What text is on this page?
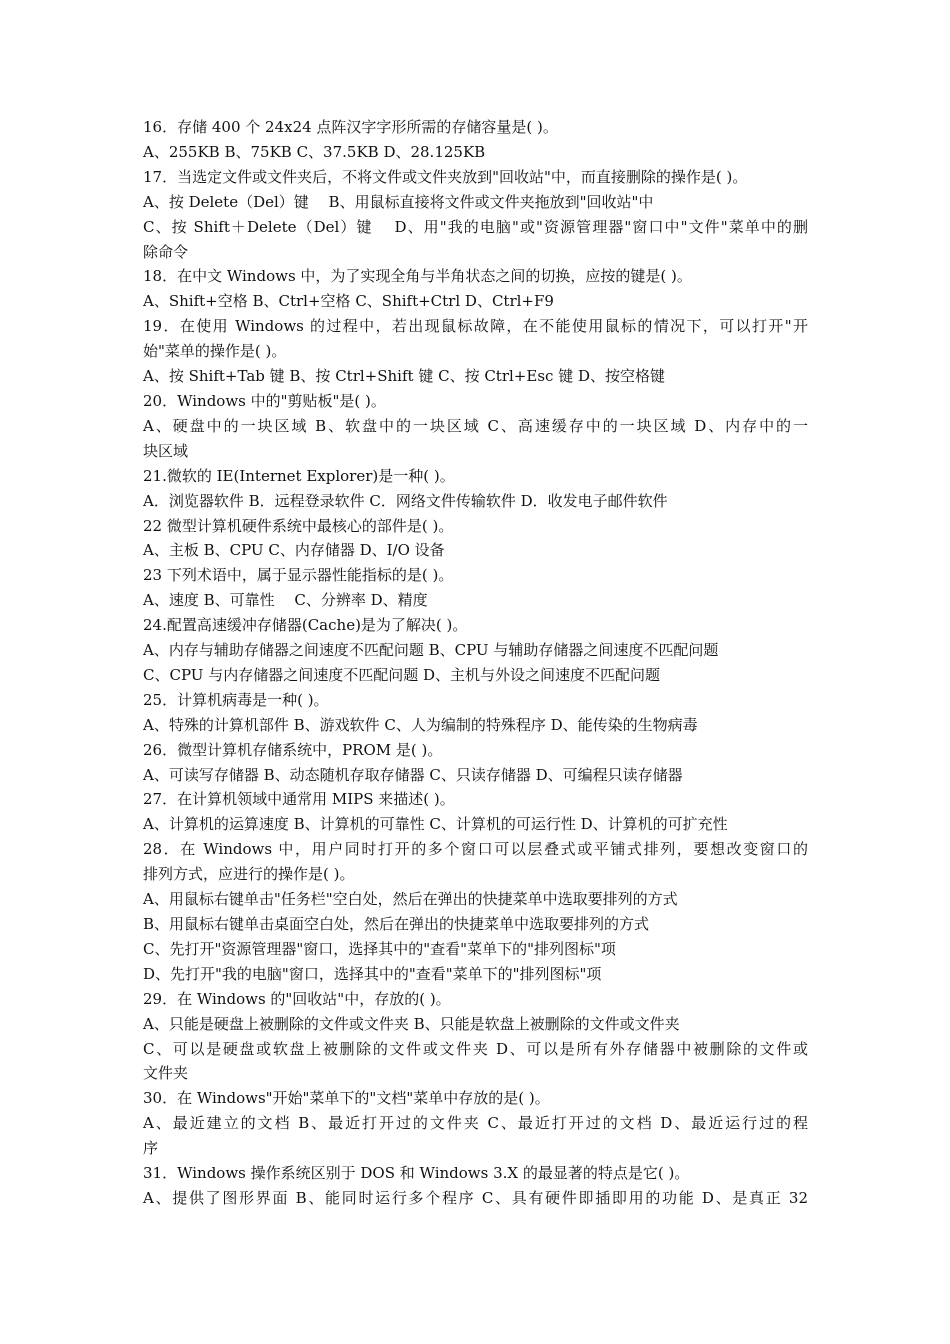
16．存储 400 个 24x24 点阵汉字字形所需的存储容量是( )。
A、255KB B、75KB C、37.5KB D、28.125KB
17．当选定文件或文件夹后，不将文件或文件夹放到"回收站"中，而直接删除的操作是( )。
A、按 Delete（Del）键　 B、用鼠标直接将文件或文件夹拖放到"回收站"中
C、按 Shift＋Delete（Del）键　 D、用"我的电脑"或"资源管理器"窗口中"文件"菜单中的删
除命令
18．在中文 Windows 中，为了实现全角与半角状态之间的切换，应按的键是( )。
A、Shift+空格 B、Ctrl+空格 C、Shift+Ctrl D、Ctrl+F9
19．在使用 Windows 的过程中，若出现鼠标故障，在不能使用鼠标的情况下，可以打开"开
始"菜单的操作是( )。
A、按 Shift+Tab 键 B、按 Ctrl+Shift 键 C、按 Ctrl+Esc 键 D、按空格键
20．Windows 中的"剪贴板"是( )。
A、硬盘中的一块区域 B、软盘中的一块区域 C、高速缓存中的一块区域 D、内存中的一
块区域
21.微软的 IE(Internet Explorer)是一种( )。
A．浏览器软件 B．远程登录软件 C．网络文件传输软件 D．收发电子邮件软件
22 微型计算机硬件系统中最核心的部件是( )。
A、主板 B、CPU C、内存储器 D、I/O 设备
23 下列术语中，属于显示器性能指标的是( )。
A、速度 B、可靠性　 C、分辨率 D、精度
24.配置高速缓冲存储器(Cache)是为了解决( )。
A、内存与辅助存储器之间速度不匹配问题 B、CPU 与辅助存储器之间速度不匹配问题
C、CPU 与内存储器之间速度不匹配问题 D、主机与外设之间速度不匹配问题
25．计算机病毒是一种( )。
A、特殊的计算机部件 B、游戏软件 C、人为编制的特殊程序 D、能传染的生物病毒
26．微型计算机存储系统中，PROM 是( )。
A、可读写存储器 B、动态随机存取存储器 C、只读存储器 D、可编程只读存储器
27．在计算机领域中通常用 MIPS 来描述( )。
A、计算机的运算速度 B、计算机的可靠性 C、计算机的可运行性 D、计算机的可扩充性
28．在 Windows 中，用户同时打开的多个窗口可以层叠式或平铺式排列，要想改变窗口的
排列方式，应进行的操作是( )。
A、用鼠标右键单击"任务栏"空白处，然后在弹出的快捷菜单中选取要排列的方式
B、用鼠标右键单击桌面空白处，然后在弹出的快捷菜单中选取要排列的方式
C、先打开"资源管理器"窗口，选择其中的"查看"菜单下的"排列图标"项
D、先打开"我的电脑"窗口，选择其中的"查看"菜单下的"排列图标"项
29．在 Windows 的"回收站"中，存放的( )。
A、只能是硬盘上被删除的文件或文件夹 B、只能是软盘上被删除的文件或文件夹
C、可以是硬盘或软盘上被删除的文件或文件夹 D、可以是所有外存储器中被删除的文件或
文件夹
30．在 Windows"开始"菜单下的"文档"菜单中存放的是( )。
A、最近建立的文档 B、最近打开过的文件夹 C、最近打开过的文档 D、最近运行过的程
序
31．Windows 操作系统区别于 DOS 和 Windows 3.X 的最显著的特点是它( )。
A、提供了图形界面 B、能同时运行多个程序 C、具有硬件即插即用的功能 D、是真正 32
